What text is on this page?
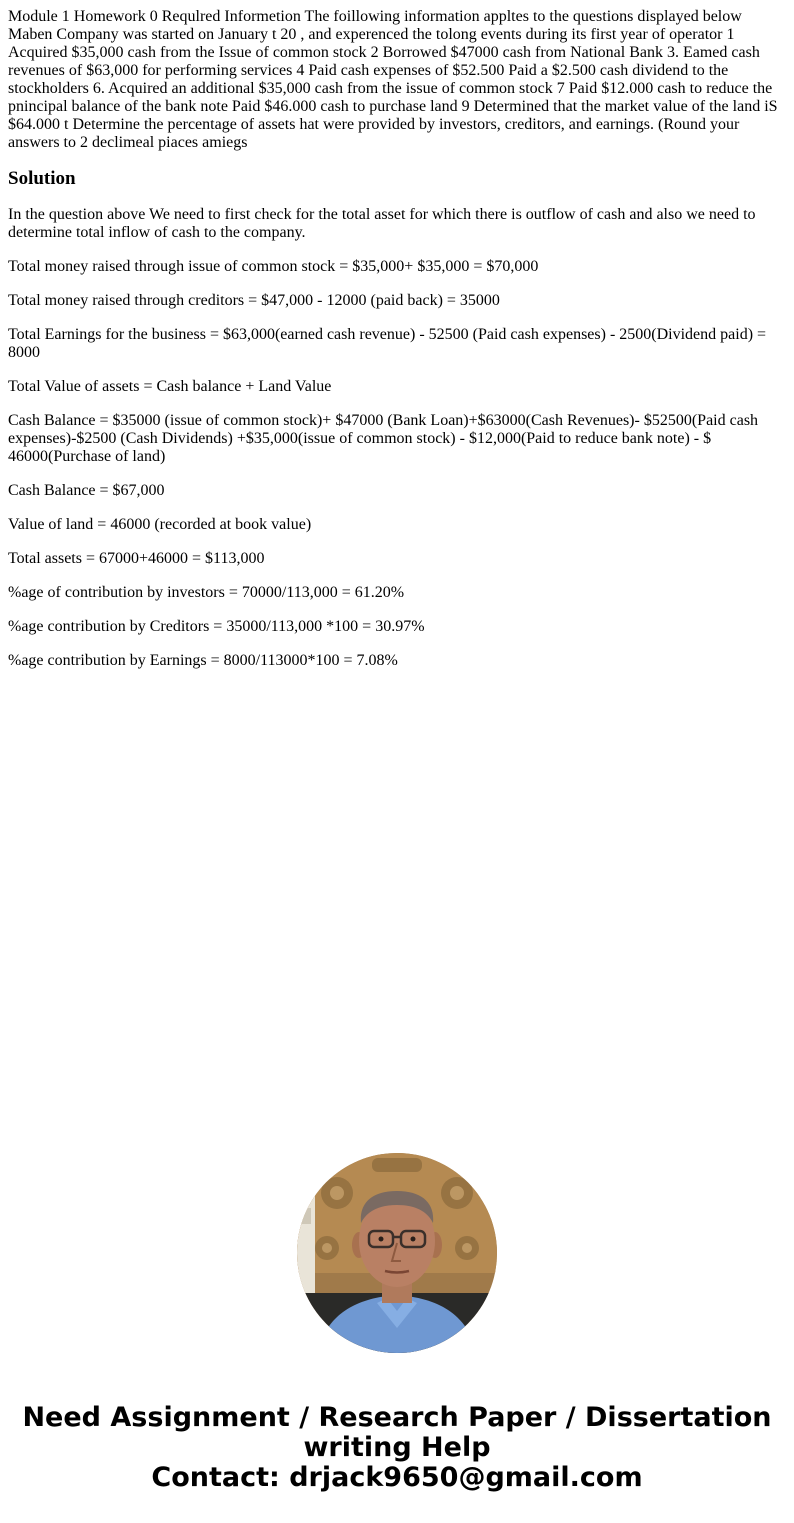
Module 1 Homework 0 Requlred Informetion The foillowing information appltes to the questions displayed below Maben Company was started on January t 20 , and experenced the tolong events during its first year of operator 1 Acquired $35,000 cash from the Issue of common stock 2 Borrowed $47000 cash from National Bank 3. Eamed cash revenues of $63,000 for performing services 4 Paid cash expenses of $52.500 Paid a $2.500 cash dividend to the stockholders 6. Acquired an additional $35,000 cash from the issue of common stock 7 Paid $12.000 cash to reduce the pnincipal balance of the bank note Paid $46.000 cash to purchase land 9 Determined that the market value of the land iS $64.000 t Determine the percentage of assets hat were provided by investors, creditors, and earnings. (Round your answers to 2 declimeal piaces amiegs
Solution

In the question above We need to first check for the total asset for which there is outflow of cash and also we need to determine total inflow of cash to the company.

Total money raised through issue of common stock = $35,000+ $35,000 = $70,000

Total money raised through creditors = $47,000 - 12000 (paid back) = 35000

Total Earnings for the business = $63,000(earned cash revenue) - 52500 (Paid cash expenses) - 2500(Dividend paid) = 8000

Total Value of assets = Cash balance + Land Value

Cash Balance = $35000 (issue of common stock)+ $47000 (Bank Loan)+$63000(Cash Revenues)- $52500(Paid cash expenses)-$2500 (Cash Dividends) +$35,000(issue of common stock) - $12,000(Paid to reduce bank note) - $ 46000(Purchase of land)

Cash Balance = $67,000

Value of land = 46000 (recorded at book value)

Total assets = 67000+46000 = $113,000

%age of contribution by investors = 70000/113,000 = 61.20%

%age contribution by Creditors = 35000/113,000 *100 = 30.97%

%age contribution by Earnings = 8000/113000*100 = 7.08%

Need Assignment / Research Paper / Dissertation
writing Help
Contact: drjack9650@gmail.com
